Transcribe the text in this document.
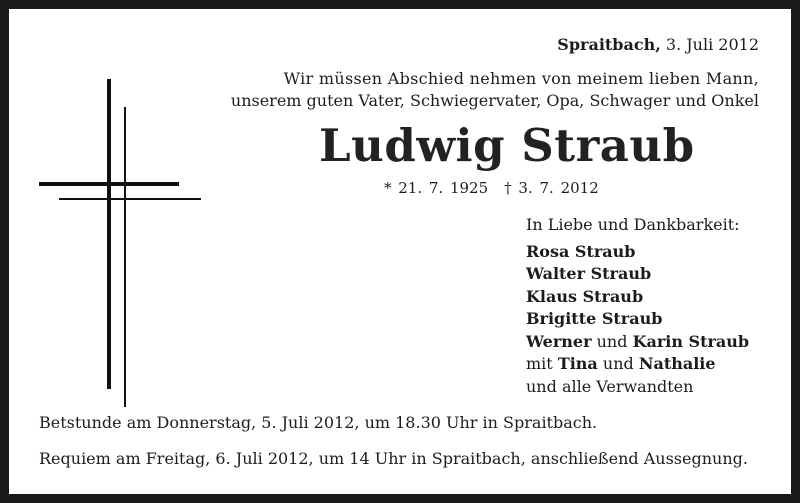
Spraitbach, 3. Juli 2012
Wir müssen Abschied nehmen von meinem lieben Mann,
unserem guten Vater, Schwiegervater, Opa, Schwager und Onkel
Ludwig Straub
* 21. 7. 1925 † 3. 7. 2012
In Liebe und Dankbarkeit:
Rosa Straub
Walter Straub
Klaus Straub
Brigitte Straub
Werner und Karin Straub
mit Tina und Nathalie
und alle Verwandten
Betstunde am Donnerstag, 5. Juli 2012, um 18.30 Uhr in Spraitbach.
Requiem am Freitag, 6. Juli 2012, um 14 Uhr in Spraitbach, anschließend Aussegnung.
